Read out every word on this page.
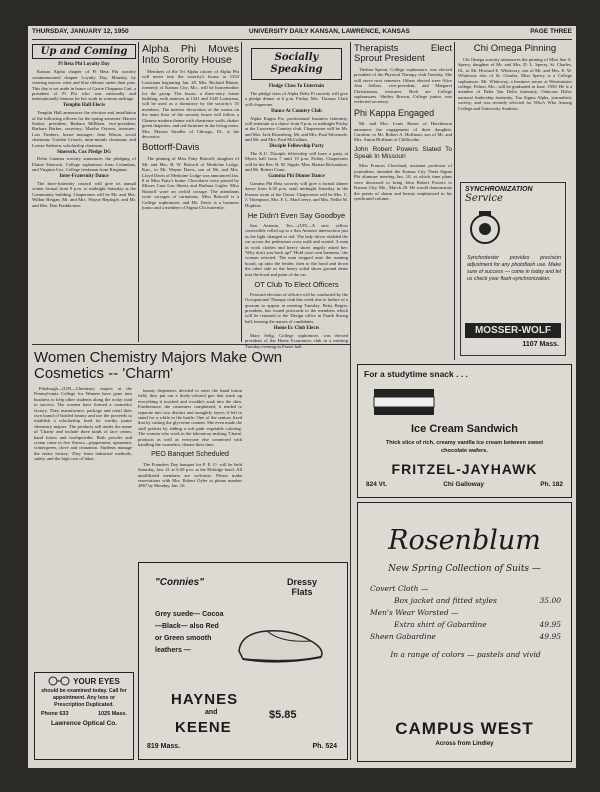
THURSDAY, JANUARY 12, 1950	UNIVERSITY DAILY KANSAN, LAWRENCE, KANSAS	PAGE THREE
Up and Coming

Pi Beta Phi Loyalty Day

Kansas Alpha chapter of Pi Beta Phi sorority commemorated chapter Loyalty Day, Monday, by wearing narrow wine and blue ribbons under their pins. This day is set aside in honor of Carrie Chapman Catt, a president of Pi Phi who was nationally and internationally famous for her work in woman suffrage.

Templin Hall Elects

Templin Hall announces the election and installation of the following officers for the spring semester: Harriet Stokes, president; Barbara Milliken, vice-president; Barbara Barber, secretary; Martha Ostrom, treasurer; Lois Timbers, house manager; Joan Wason, social chairman; Gordon Crouch, intra-murals chairman; and Louise Sanborn, scholarship chairman.

Sinerock, Cox Pledge DG

Delta Gamma sorority announces the pledging of Elaine Sinerock, College sophomore from Columbus, and Virginia Cox, College freshman from Kingman.

Inter-Fraternity Dance

The Inter-fraternity council will give its annual winter formal from 9 p.m. to midnight Saturday at the Community building. Chaperones will be Mr. and Mrs. Wilbur Heigan, Mr. and Mrs. Wayne Replogle, and Mr. and Mrs. Don Funkhouser.

Alpha Phi Moves Into Sorority House

Members of the Tri Alpha colony of Alpha Phi will move into the sorority's house at 1333 Louisiana beginning Jan. 28. Mrs. Richard Blume, formerly of Kansas City, Mo., will be housemother for the group. The house, a three-story frame building, with annexes at 1341 and 1345 Louisiana, will be used as a dormitory by the sorority's 35 members. The interior decoration of the rooms on the main floor of the sorority house will follow a Chinese modern theme with chartreuse walls, darker green draperies, and red furniture in the living room. Mrs. Marion Stradler of Chicago, Ill., is the decorator.

Bottorff-Davis

The pinning of Miss Patty Bottorff, daughter of Mr. and Mrs. B. W. Bottorff of Medicine Lodge, Kan., to Mr. Wayne Davis, son of Mr. and Mrs. Lloyd Davis of Medicine Lodge was announced Jan. 8 at Miss Patty's home. Chocolates were passed by Misses Cara Lou Sheets and Barbara Legler. Miss Bottorff wore an orchid corsage. The attendants wore corsages of carnations. Miss Bottorff is a College sophomore; and Mr. Davis is a business junior and a member of Sigma Chi fraternity.

Socially Speaking

Fledge Class To Entertain

The pledge class of Alpha Delta Pi sorority will give a pledge dinner at 6 p.m. Friday. Mrs. Thomas Clark will chaperone.

Dance At Country Club

Alpha Kappa Psi, professional business fraternity, will entertain at a dance from 9 p.m. to midnight Friday at the Lawrence Country club. Chaperones will be Mr. and Mrs. Jack Rosenberg, Mr. and Mrs. Paul Silvernale, and Mr. and Mrs. Paul McCallum.

Disciple Fellowship Party

The K.U. Disciple fellowship will have a party at Myers hall from 7 until 10 p.m. Friday. Chaperones will be the Rev. H. M. Sipple, Miss Marian Richardson, and Mr. Robert Crum.

Gamma Phi Dinner Dance

Gamma Phi Beta sorority will give a formal dinner dance from 6:30 p.m. until midnight Saturday in the Kansas room of the Union. Chaperones will be Mrs. C. J. Thompson, Mrs. F. L. MacCreery, and Mrs. Nellie M. Hopkins.

He Didn't Even Say Goodbye

San Antonio, Tex.—(UP)—A new yellow convertible rolled up to a San Antonio intersection just as the light changed to red. The lady driver skidded the car across the pedestrian cross walk and waited. A man in work clothes and heavy shoes angrily asked her: 'Why don't you back up?' 'Hold your own business,' the woman retorted. The man stepped onto the running board, up onto the fender, then to the hood and down the other side as the heavy soled shoes ground dents into the hood and paint of the car.

OT Club To Elect Officers

Postcard election of officers will be conducted by the Occupational Therapy club this week due to failure of a quorum to appear at meeting Tuesday. Betty Regier, president, has issued postcards to the members which will be returned to the Design office in Frank Strong hall, bearing the names of candidates.

Home Ec Club Elects

Mary Selig, College sophomore, was elected president of the Home Economics club at a meeting Tuesday evening in Fraser hall.

Therapists Elect Sprout President

Thelma Sprout, College sophomore, was elected president of the Physical Therapy club Tuesday. She will serve next semester. Others elected were Alice Ann Sellars, vice-president, and Margaret Christiansen, treasurer. Both are College sophomores. Shirley Brown, College junior, was reelected secretary.

Phi Kappa Engaged

Mr. and Mrs. Louis Rieser of Hutchinson announce the engagement of their daughter, Caroline, to Mr. Robert A. Hoffman, son of Mr. and Mrs. Anton Hoffman of Chillicothe.

John Robert Powers Slated To Speak In Missouri

Miss Frances Cleveland, assistant professor of journalism, attended the Kansas City Theta Sigma Phi alumnae meeting Jan. 10, at which time plans were discussed to bring John Robert Powers to Kansas City, Mo., March 29. He would demonstrate the points of charm and beauty emphasized in his syndicated column.

Chi Omega Pinning

Chi Omega sorority announces the pinning of Miss Sue A. Sperry, daughter of Mr. and Mrs. D. L. Sperry, St. Charles, Ill., to Mr. Howard E. Whiteway, son of Mr. and Mrs. E. W. Whiteway also of St. Charles. Miss Sperry is a College sophomore. Mr. Whiteway, a business senior at Westminster college, Fulton, Mo., will be graduated in June, 1950. He is a member of Delta Tau Delta fraternity, Omicron Delta, national leadership fraternity, Tau Sigma Alpha, journalistic society; and was recently selected for Who's Who Among College and University Students.

SYNCHRONIZATION
Service
Synchrotester provides precision adjustment for any photoflash use. Make sure of success — come in today and let us check your flash-synchronization.
MOSSER-WOLF
1107 Mass.
For a studytime snack . . .
Ice Cream Sandwich
Thick slice of rich, creamy vanilla ice cream between sweet chocolate wafers.
FRITZEL-JAYHAWK
824 Vt.	Chi Galloway	Ph. 182
Rosenblum
New Spring Collection of Suits —
Covert Cloth —
Box jacket and fitted styles	35.00
Men's Wear Worsted —
Extra shirt of Gabardine	49.95
Sheen Gabardine	49.95
In a range of colors — pastels and vivid
CAMPUS WEST
Across from Lindley
Women Chemistry Majors Make Own Cosmetics -- 'Charm'

Pittsburgh—(UP)—Chemistry majors at the Pennsylvania College for Women have gone into business to help other students along the rocky road to success. The women have formed a cosmetics factory. They manufacture, package and retail their own brand of bottled beauty and use the proceeds to establish a scholarship fund for worthy junior chemistry majors. The products sell under the name of 'Charm' and include three kinds of face cream, hand lotion and toothpowder. Both powder and cream come in five flavors—peppermint, spearmint, wintergreen, clove and cinnamon. Students manage the entire factory. They learn industrial methods, safety, and the high cost of labor.

beauty dispensers decided to enter the hand lotion field, they put out a finely-colored goo that stuck up everything it touched and wouldn't soak into the skin. Furthermore, the customers complained, it tended to separate into two distinct and unsightly layers if left to stand for a while in the bottle. One of the seniors fixed that by cutting the glycerine content. She even made the stuff prettier by adding a soft pink vegetable coloring. The women who work in the laboratory making 'Charm' products as well as everyone else connected with handling the cosmetics, donate their time.

PEO Banquet Scheduled

The Founders Day banquet for P. E. O. will be held Saturday, Jan. 21 at 6:30 p.m. at the Eldridge hotel. All unaffiliated members are welcome. Please make reservations with Mrs. Robert Oyler at phone number 2867 by Monday, Jan. 16.

YOUR EYES
should be examined today. Call for appointment. Any lens or Prescription Duplicated.
Phone 633	1025 Mass.
Lawrence Optical Co.
"Connies"	Dressy
Flats
Grey suede— Cocoa—Black— also Red or Green smooth leathers —
HAYNES
and
KEENE
$5.85
819 Mass.	Ph. 524
